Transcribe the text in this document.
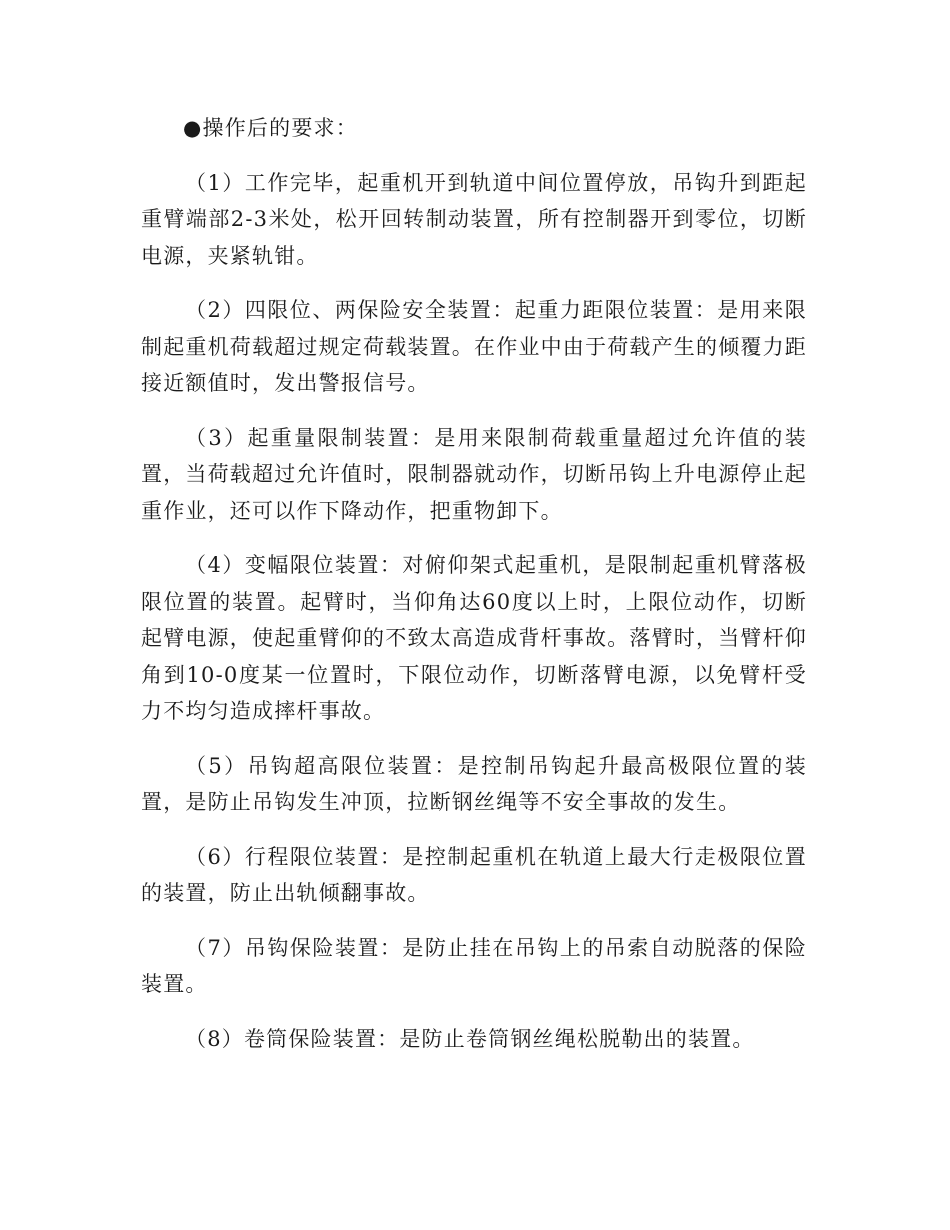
●操作后的要求：

（1）工作完毕，起重机开到轨道中间位置停放，吊钩升到距起重臂端部2-3米处，松开回转制动装置，所有控制器开到零位，切断电源，夹紧轨钳。

（2）四限位、两保险安全装置：起重力距限位装置：是用来限制起重机荷载超过规定荷载装置。在作业中由于荷载产生的倾覆力距接近额值时，发出警报信号。

（3）起重量限制装置：是用来限制荷载重量超过允许值的装置，当荷载超过允许值时，限制器就动作，切断吊钩上升电源停止起重作业，还可以作下降动作，把重物卸下。

（4）变幅限位装置：对俯仰架式起重机，是限制起重机臂落极限位置的装置。起臂时，当仰角达60度以上时，上限位动作，切断起臂电源，使起重臂仰的不致太高造成背杆事故。落臂时，当臂杆仰角到10-0度某一位置时，下限位动作，切断落臂电源，以免臂杆受力不均匀造成摔杆事故。

（5）吊钩超高限位装置：是控制吊钩起升最高极限位置的装置，是防止吊钩发生冲顶，拉断钢丝绳等不安全事故的发生。

（6）行程限位装置：是控制起重机在轨道上最大行走极限位置的装置，防止出轨倾翻事故。

（7）吊钩保险装置：是防止挂在吊钩上的吊索自动脱落的保险装置。

（8）卷筒保险装置：是防止卷筒钢丝绳松脱勒出的装置。
